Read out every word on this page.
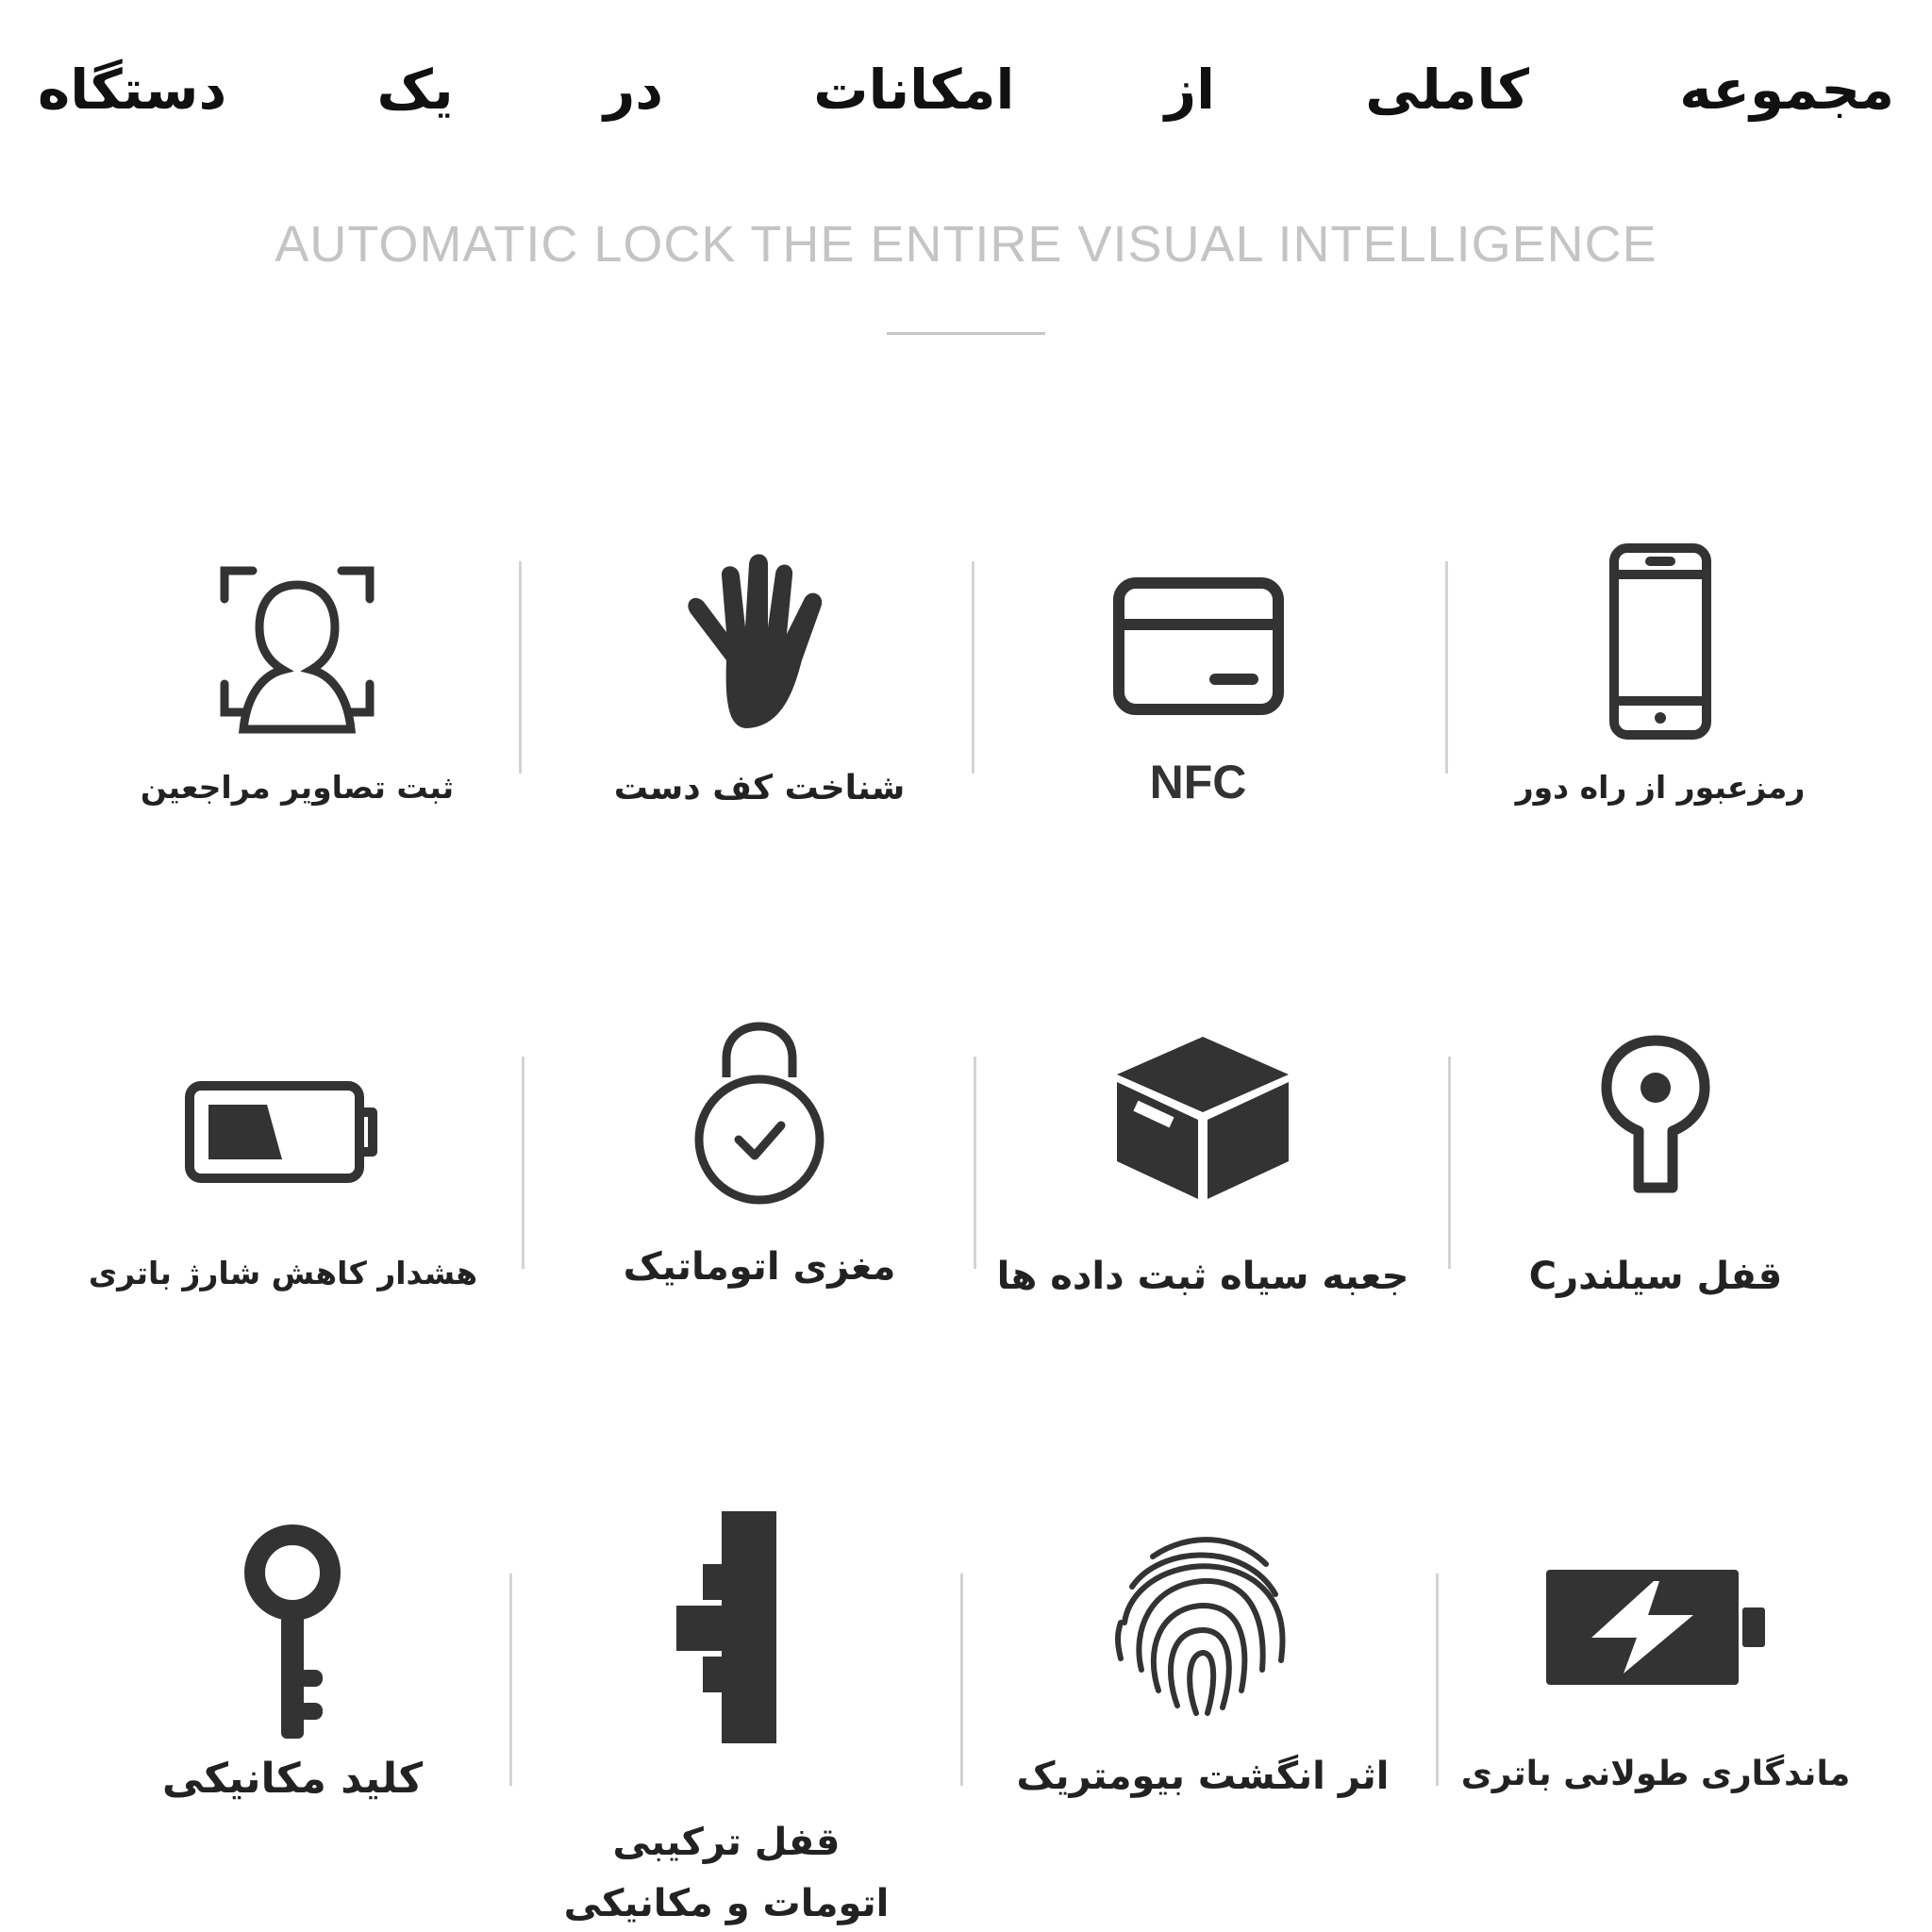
مجموعه کاملی از امکانات در یک دستگاه
AUTOMATIC LOCK THE ENTIRE VISUAL INTELLIGENCE
ثبت تصاویر مراجعین	شناخت کف دست	NFC	رمزعبور از راه دور
هشدار کاهش شارژ باتری	مغزی اتوماتیک	جعبه سیاه ثبت داده ها	قفل سیلندرC
کلید مکانیکی
قفل ترکیبی
اتومات و مکانیکی
اثر انگشت بیومتریک	ماندگاری طولانی باتری
